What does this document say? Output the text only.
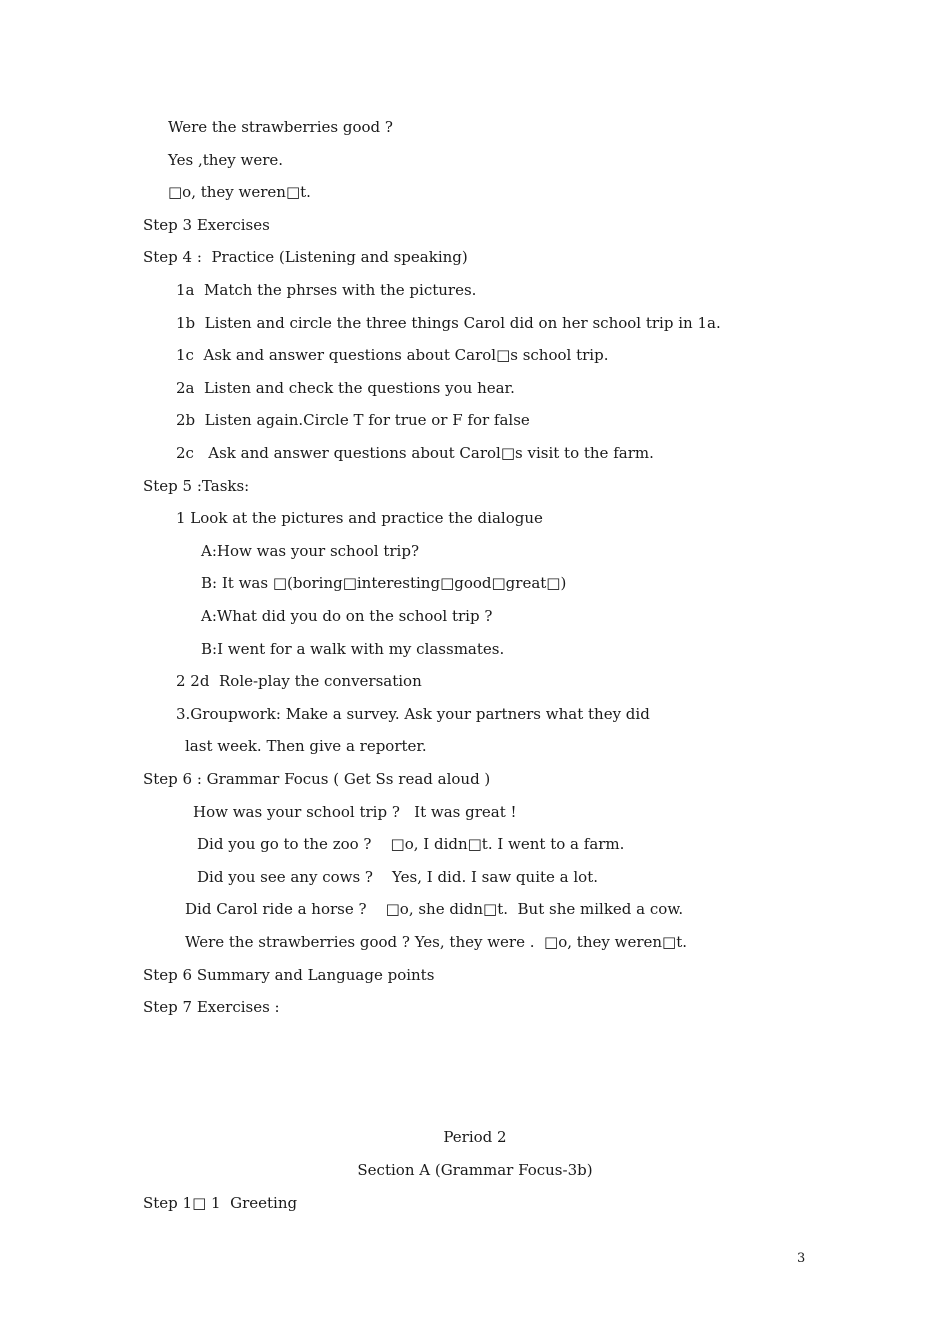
Were the strawberries good ?
Yes ,they were.
□o, they weren□t.
Step 3 Exercises
Step 4 :  Practice (Listening and speaking)
1a  Match the phrses with the pictures.
1b  Listen and circle the three things Carol did on her school trip in 1a.
1c  Ask and answer questions about Carol□s school trip.
2a  Listen and check the questions you hear.
2b  Listen again.Circle T for true or F for false
2c   Ask and answer questions about Carol□s visit to the farm.
Step 5 :Tasks:
1 Look at the pictures and practice the dialogue
A:How was your school trip?
B: It was □(boring□interesting□good□great□)
A:What did you do on the school trip ?
B:I went for a walk with my classmates.
2 2d  Role-play the conversation
3.Groupwork: Make a survey. Ask your partners what they did
last week. Then give a reporter.
Step 6 : Grammar Focus ( Get Ss read aloud )
How was your school trip ?   It was great !
Did you go to the zoo ?    □o, I didn□t. I went to a farm.
Did you see any cows ?    Yes, I did. I saw quite a lot.
Did Carol ride a horse ?    □o, she didn□t.  But she milked a cow.
Were the strawberries good ? Yes, they were .  □o, they weren□t.
Step 6 Summary and Language points
Step 7 Exercises :
Period 2
Section A (Grammar Focus-3b)
Step 1□ 1  Greeting
3
